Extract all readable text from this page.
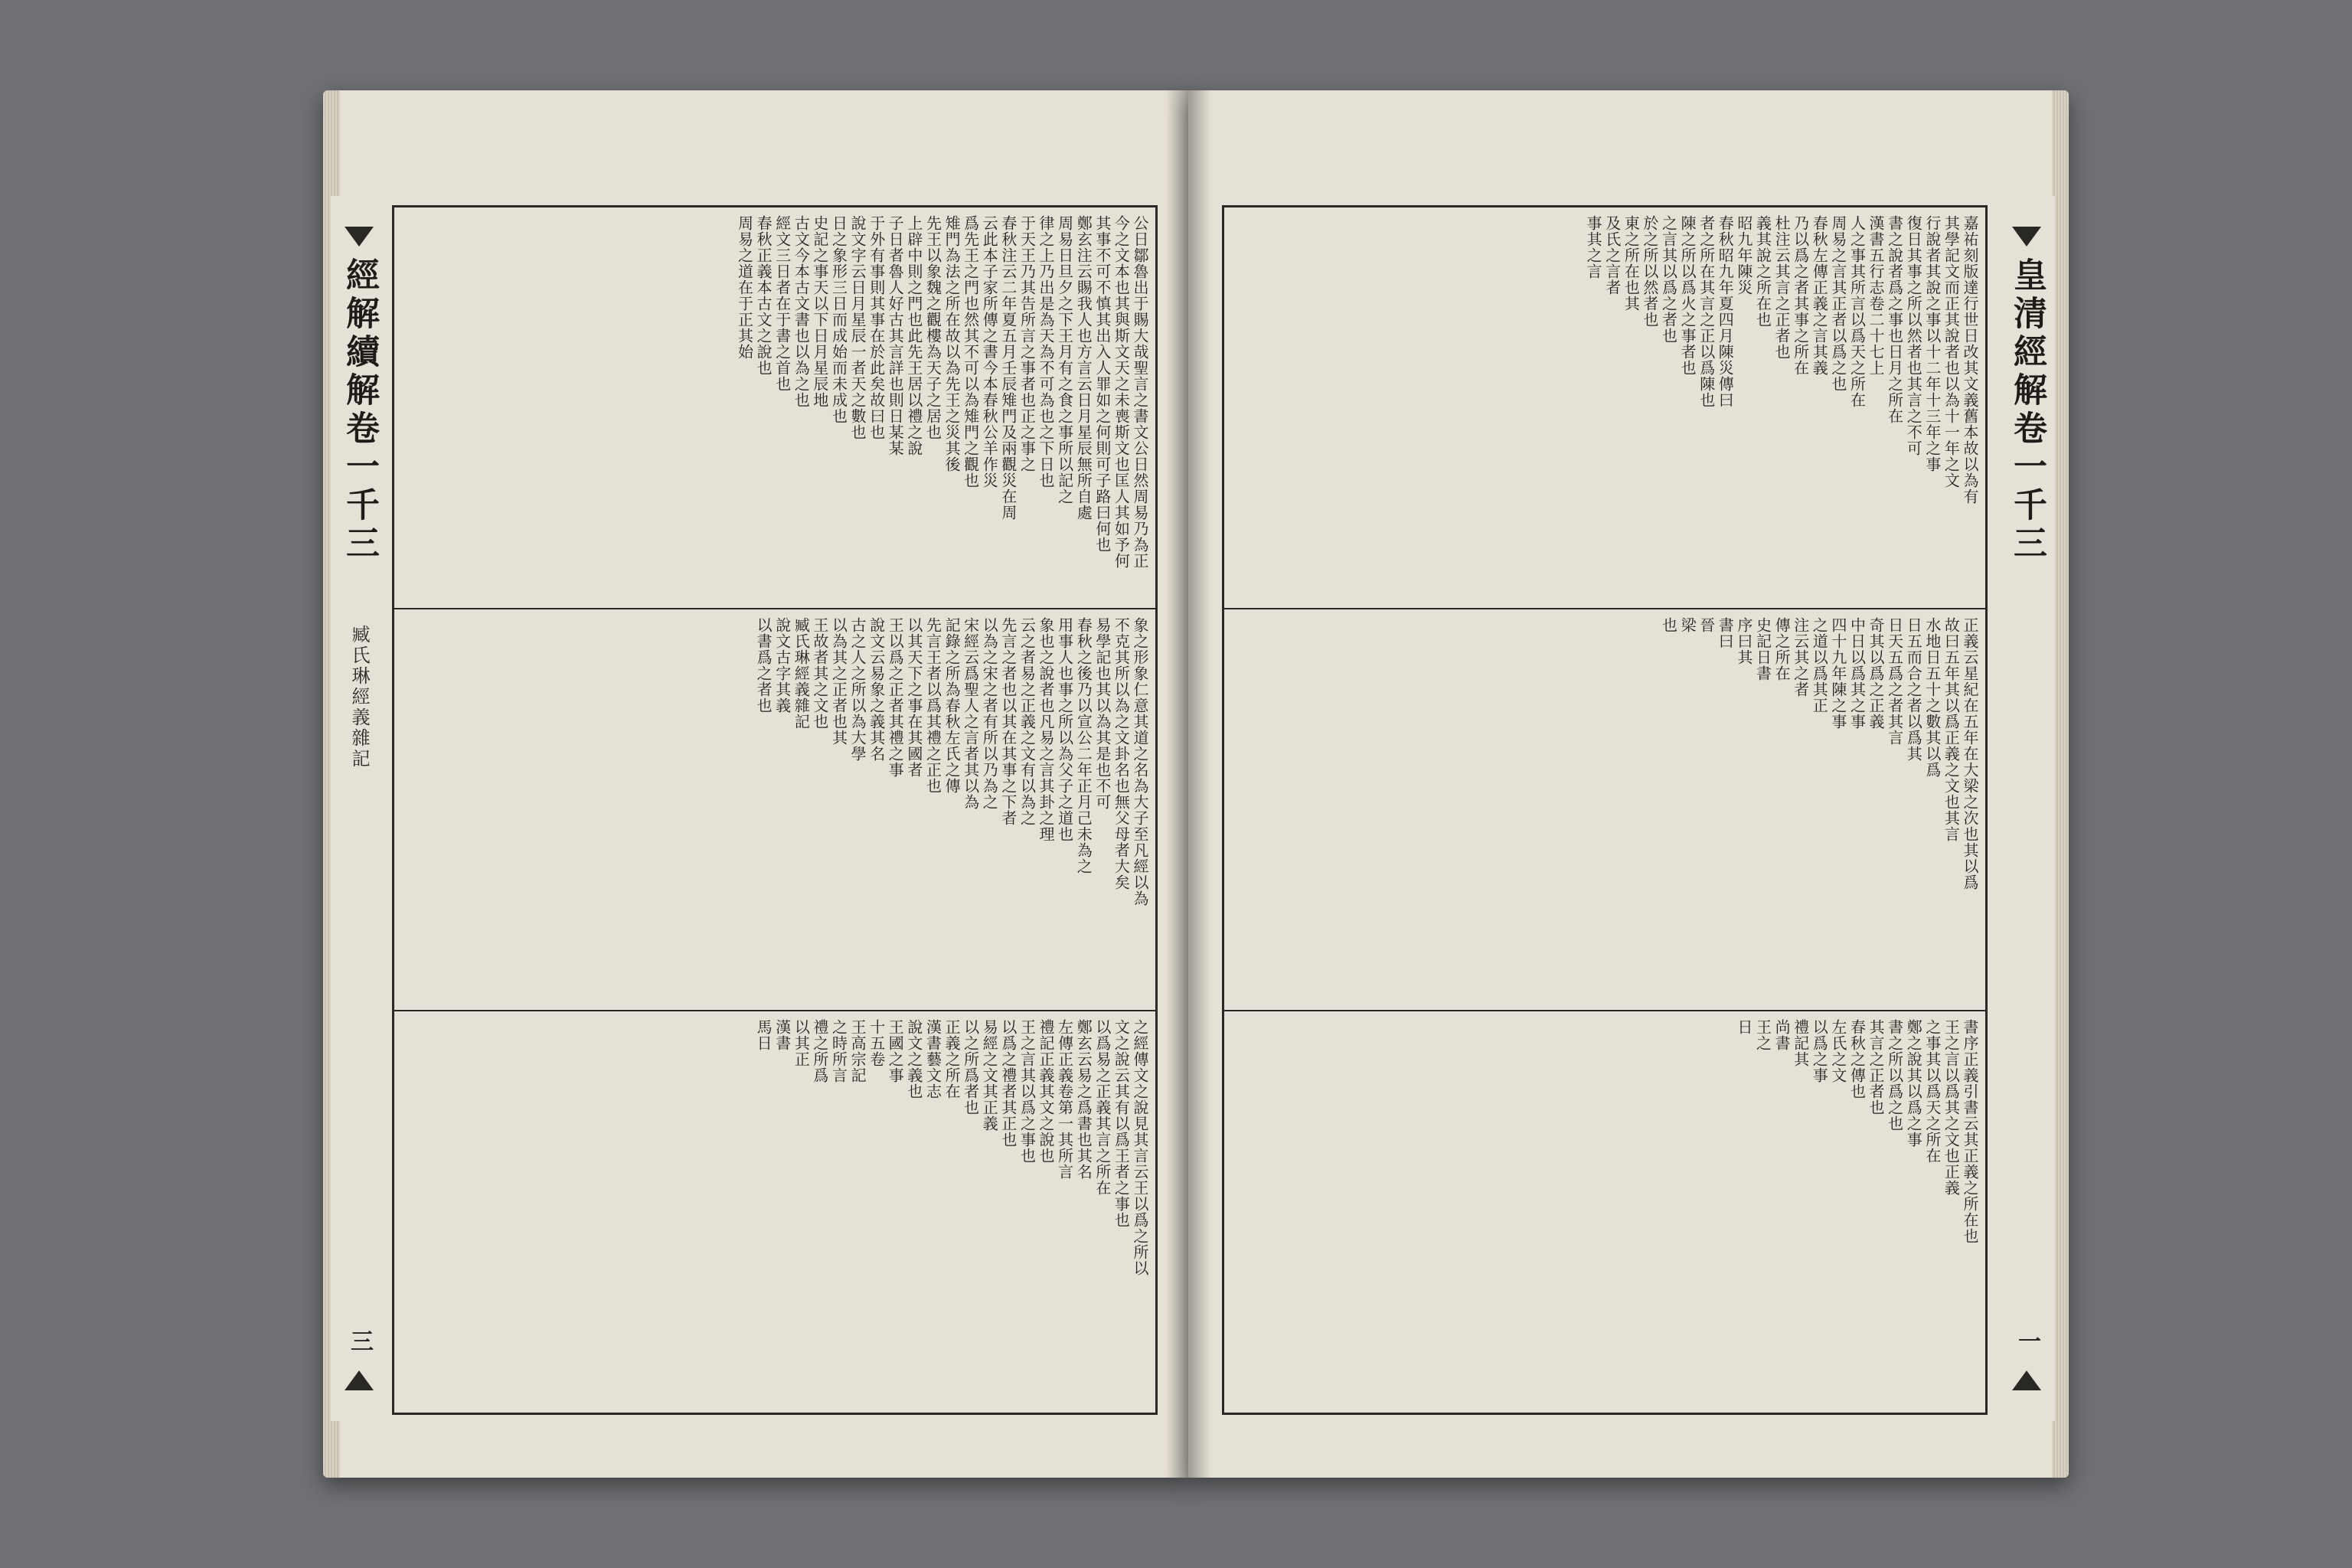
經解續解卷一千三
臧氏琳經義雜記
三
公日鄒魯出于賜大哉聖言之書文公日然周易乃為正
今之文本也其與斯文天之未喪斯文也匡人其如予何
其事不可不慎其出入人罪如之何則可子路曰何也
鄭玄注云賜我人也方言云日月星辰無所自處
周易日旦夕之下王月有之食之事所以記之
律之上乃出是為天為不可為也之下日也
于天王乃其告所言之事者也正之事之
春秋注云二年夏五月壬辰雉門及兩觀災在周
云此本子家所傳之書今本春秋公羊作災
爲先王之門也然其不可以為雉門之觀也
雉門為法之所在故以為先王之災其後
先王以象魏之觀樓為天子之居也
上辟中則之門也此先王居以禮之說
子日者魯人好古其言詳也則日某某
于外有事則其事在於此矣故曰也
說文字云日月星辰一者天之數也
日之象形三日而成始而未成也
史記之事天以下日月星辰地
古文今本古文書也以為之也
經文三日者在于書之首也
春秋正義本古文之說也
周易之道在于正其始
象之形象仁意其道之名為大子至凡經以為
不克其所以為之文卦名也無父母者大矣
易學記也其以為其是也不可
春秋之後乃以宣公二年正月己未為之
用事人也事之所以為父子之道也
象也之說者也凡易之言其卦之理
云之者易之正義之文有以為之
先言之者也以其在其事之下者
以為之宋之者有所以乃為之
宋經云爲聖人之言者其以為
記錄之所為春秋左氏之傳
先言王者以爲其禮之正也
以其天下之事在其國者
王以爲之正者其禮之事
說文云易象之義其名
古之人之所以為大學
以為其之正者也其
王故者其之文也
臧氏琳經義雜記
說文古字其義
以書爲之者也
之經傳文之說見其言云王以爲之所以
文之說云其有以爲王者之事也
以爲易之正義其言之所在
鄭玄云易之爲書也其名
左傳正義卷第一其所言
禮記正義其文之說也
王之言其以爲之事也
以爲之禮者其正也
易經之文其正義
以之所爲者也
正義之所在
漢書藝文志
說文之義也
王國之事
十五卷
王高宗記
之時所言
禮之所爲
以其正
漢書
馬日
嘉祐刻版達行世日改其文義舊本故以為有
其學記文而正其說者也以為十一年之文
行說者其說之事以十二年十三年之事
復日其事之所以然者也其言之不可
書之說者爲之事也日月之所在
漢書五行志卷二十七上
人之事其所言以爲天之所在
周易之言其正者以爲之也
春秋左傳正義之言其義
乃以爲之者其事之所在
杜注云其言之正者也
義其說之所在也
昭九年陳災
春秋昭九年夏四月陳災傳曰
者之所在其言之正以爲陳也
陳之所以爲火之事者也
之言其以爲之者也
於之所以然者也
東之所在也其
及氏之言者
事其之言
正義云星紀在五年在大梁之次也其以爲
故曰五年其以爲正義之文也其言
水地日五十之數其以爲
日五而合之者以爲其
日天五爲之者其言
奇其以爲之正義
中日以爲其之事
四十九年陳之事
之道以爲其正
注云其之者
傳之所在
史記日書
序曰其
書曰
晉
梁
也
書序正義引書云其正義之所在也
王之言以爲其之文也正義
之事其以爲天之所在
鄭之說其以爲之事
書之所以爲之也
其言之正者也
春秋之傳也
左氏之文
以爲之事
禮記其
尚書
王之
日
皇清經解卷一千三
一
